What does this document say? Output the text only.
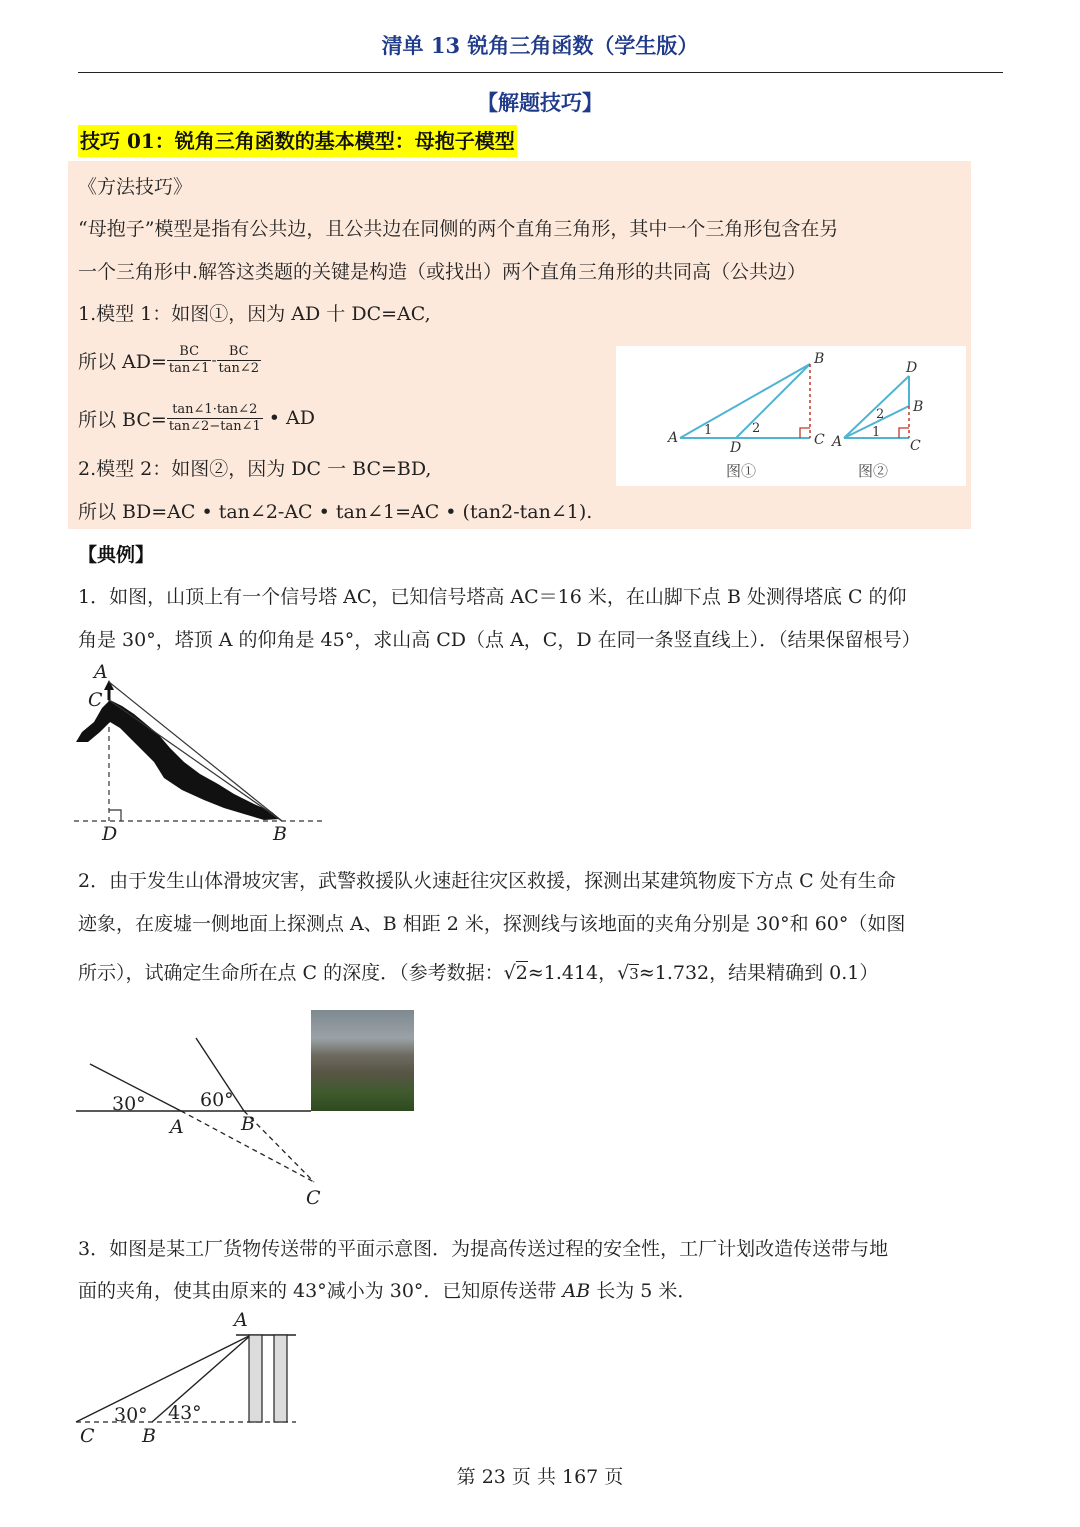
清单 13 锐角三角函数（学生版）
【解题技巧】
技巧 01：锐角三角函数的基本模型：母抱子模型
《方法技巧》
“母抱子”模型是指有公共边，且公共边在同侧的两个直角三角形，其中一个三角形包含在另
一个三角形中.解答这类题的关键是构造（或找出）两个直角三角形的共同高（公共边）
1.模型 1：如图①，因为 AD 十 DC=AC,
所以 $AD= \frac{BC}{\tan\angle 1} - \frac{BC}{\tan\angle 2}$
所以 $BC= \frac{\tan\angle 1\cdot\tan\angle 2}{\tan\angle 2-\tan\angle 1}$ • AD
2.模型 2：如图②，因为 DC 一 BC=BD,
所以 BD=AC • tan∠2-AC • tan∠1=AC • (tan2-tan∠1).
A
B
C
D
1	2
图①
A
D
B
C
1
2
图②
【典例】
1．如图，山顶上有一个信号塔 AC，已知信号塔高 AC＝16 米，在山脚下点 B 处测得塔底 C 的仰
角是 30°，塔顶 A 的仰角是 45°，求山高 CD（点 A，C，D 在同一条竖直线上）．（结果保留根号）
A
C
D	B
2．由于发生山体滑坡灾害，武警救援队火速赶往灾区救援，探测出某建筑物废下方点 C 处有生命
迹象，在废墟一侧地面上探测点 A、B 相距 2 米，探测线与该地面的夹角分别是 30°和 60°（如图
所示），试确定生命所在点 C 的深度．（参考数据：√2≈1.414，√3≈1.732，结果精确到 0.1）
30°	60°
A	B
C
3．如图是某工厂货物传送带的平面示意图．为提高传送过程的安全性，工厂计划改造传送带与地
面的夹角，使其由原来的 43°减小为 30°．已知原传送带 AB 长为 5 米．
A
30° 43°
C B
第 23 页 共 167 页
